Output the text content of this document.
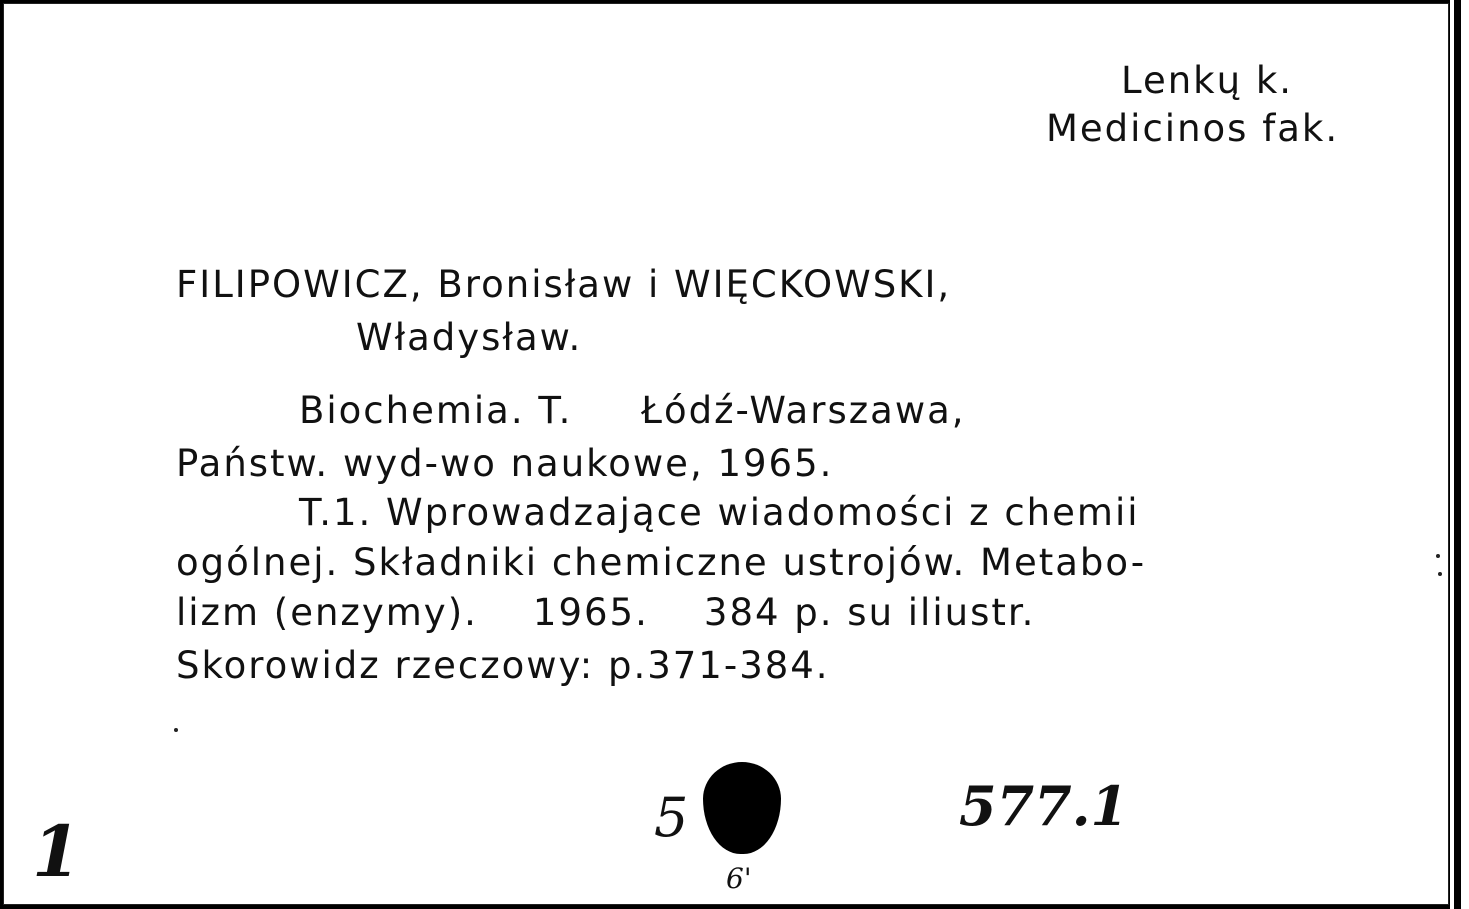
Lenkų k.
Medicinos fak.
FILIPOWICZ, Bronisław i WIĘCKOWSKI,
Władysław.
Biochemia. T.     Łódź-Warszawa,
Państw. wyd-wo naukowe, 1965.
T.1. Wprowadzające wiadomości z chemii
ogólnej. Składniki chemiczne ustrojów. Metabo-
lizm (enzymy).    1965.    384 p. su iliustr.
Skorowidz rzeczowy: p.371-384.
1	5
6'
577.1
